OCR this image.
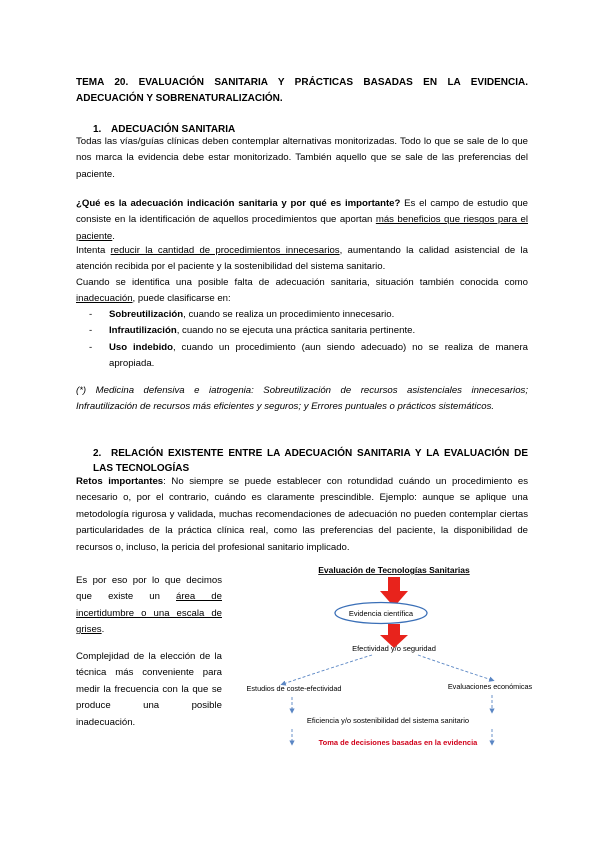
TEMA 20. EVALUACIÓN SANITARIA Y PRÁCTICAS BASADAS EN LA EVIDENCIA. ADECUACIÓN Y SOBRENATURALIZACIÓN.
1. ADECUACIÓN SANITARIA
Todas las vías/guías clínicas deben contemplar alternativas monitorizadas. Todo lo que se sale de lo que nos marca la evidencia debe estar monitorizado. También aquello que se sale de las preferencias del paciente.
¿Qué es la adecuación indicación sanitaria y por qué es importante? Es el campo de estudio que consiste en la identificación de aquellos procedimientos que aportan más beneficios que riesgos para el paciente.
Intenta reducir la cantidad de procedimientos innecesarios, aumentando la calidad asistencial de la atención recibida por el paciente y la sostenibilidad del sistema sanitario.
Cuando se identifica una posible falta de adecuación sanitaria, situación también conocida como inadecuación, puede clasificarse en:
- Sobreutilización, cuando se realiza un procedimiento innecesario.
- Infrautilización, cuando no se ejecuta una práctica sanitaria pertinente.
- Uso indebido, cuando un procedimiento (aun siendo adecuado) no se realiza de manera apropiada.
(*) Medicina defensiva e iatrogenia: Sobreutilización de recursos asistenciales innecesarios; Infrautilización de recursos más eficientes y seguros; y Errores puntuales o prácticos sistemáticos.
2. RELACIÓN EXISTENTE ENTRE LA ADECUACIÓN SANITARIA Y LA EVALUACIÓN DE LAS TECNOLOGÍAS
Retos importantes: No siempre se puede establecer con rotundidad cuándo un procedimiento es necesario o, por el contrario, cuándo es claramente prescindible. Ejemplo: aunque se aplique una metodología rigurosa y validada, muchas recomendaciones de adecuación no pueden contemplar ciertas particularidades de la práctica clínica real, como las preferencias del paciente, la disponibilidad de recursos o, incluso, la pericia del profesional sanitario implicado.
Es por eso por lo que decimos que existe un área de incertidumbre o una escala de grises.
Complejidad de la elección de la técnica más conveniente para medir la frecuencia con la que se produce una posible inadecuación.
Evaluación de Tecnologías Sanitarias
Evidencia científica
Efectividad y/o seguridad
Estudios de coste-efectividad	Evaluaciones económicas
Eficiencia y/o sostenibilidad del sistema sanitario
Toma de decisiones basadas en la evidencia
